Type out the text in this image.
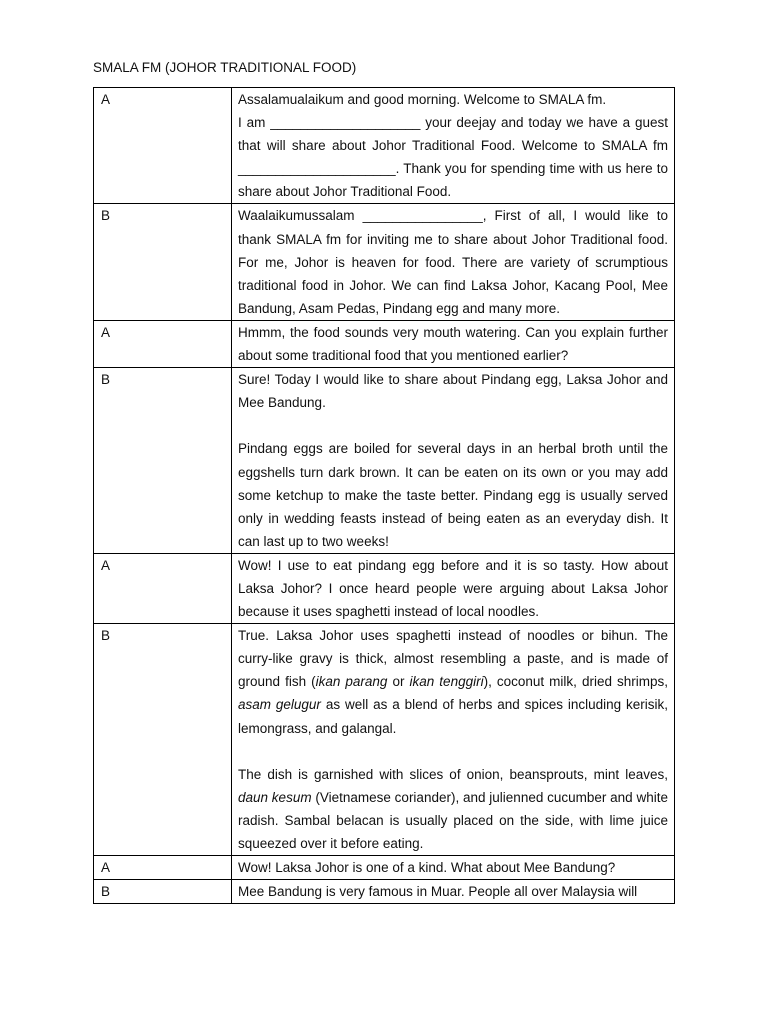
SMALA FM (JOHOR TRADITIONAL FOOD)
A	Assalamualaikum and good morning. Welcome to SMALA fm.

I am ____________________ your deejay and today we have a guest that will share about Johor Traditional Food. Welcome to SMALA fm _____________________. Thank you for spending time with us here to share about Johor Traditional Food.

B	Waalaikumussalam ________________, First of all, I would like to thank SMALA fm for inviting me to share about Johor Traditional food. For me, Johor is heaven for food. There are variety of scrumptious traditional food in Johor. We can find Laksa Johor, Kacang Pool, Mee Bandung, Asam Pedas, Pindang egg and many more.

A	Hmmm, the food sounds very mouth watering. Can you explain further about some traditional food that you mentioned earlier?

B	Sure! Today I would like to share about Pindang egg, Laksa Johor and Mee Bandung.

Pindang eggs are boiled for several days in an herbal broth until the eggshells turn dark brown. It can be eaten on its own or you may add some ketchup to make the taste better. Pindang egg is usually served only in wedding feasts instead of being eaten as an everyday dish. It can last up to two weeks!

A	Wow! I use to eat pindang egg before and it is so tasty. How about Laksa Johor? I once heard people were arguing about Laksa Johor because it uses spaghetti instead of local noodles.

B	True. Laksa Johor uses spaghetti instead of noodles or bihun. The curry-like gravy is thick, almost resembling a paste, and is made of ground fish (ikan parang or ikan tenggiri), coconut milk, dried shrimps, asam gelugur as well as a blend of herbs and spices including kerisik, lemongrass, and galangal.

The dish is garnished with slices of onion, beansprouts, mint leaves, daun kesum (Vietnamese coriander), and julienned cucumber and white radish. Sambal belacan is usually placed on the side, with lime juice squeezed over it before eating.

A	Wow! Laksa Johor is one of a kind. What about Mee Bandung?

B	Mee Bandung is very famous in Muar. People all over Malaysia will
